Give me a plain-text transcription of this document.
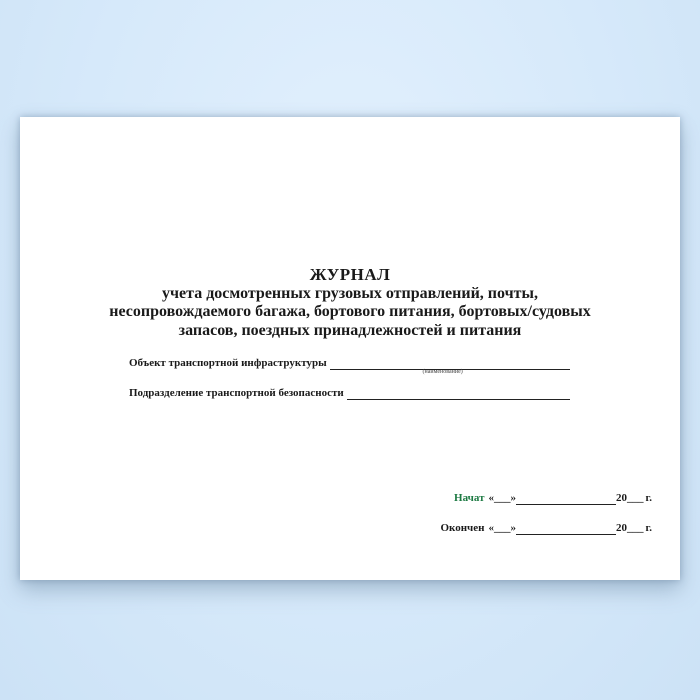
ЖУРНАЛ
учета досмотренных грузовых отправлений, почты,
несопровождаемого багажа, бортового питания, бортовых/судовых
запасов, поездных принадлежностей и питания
Объект транспортной инфраструктуры
(наименование)
Подразделение транспортной безопасности
Начат «___»	20 ___ г.
Окончен «___»	20 ___ г.
